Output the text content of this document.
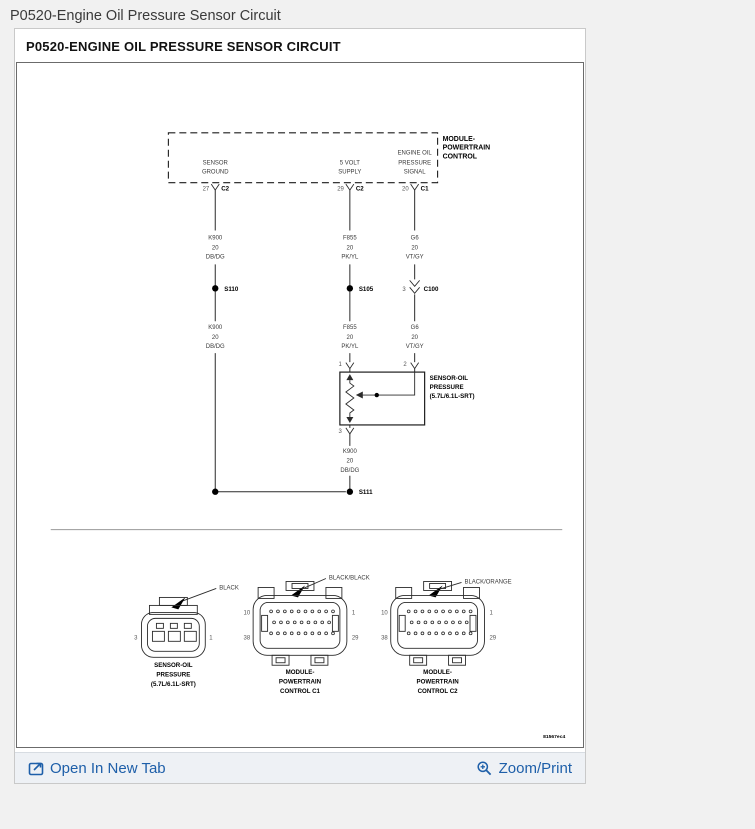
P0520-Engine Oil Pressure Sensor Circuit
P0520-ENGINE OIL PRESSURE SENSOR CIRCUIT
MODULE-
POWERTRAIN
CONTROL
SENSOR
GROUND
5 VOLT
SUPPLY
ENGINE OIL
PRESSURE
SIGNAL
27 C2	29 C2	20 C1
K900
20
DB/DG
F855
20
PK/YL
G6
20
VT/GY
S110	S105	3	C100
K900
20
DB/DG
F855
20
PK/YL
G6
20
VT/GY
1	2
3
SENSOR-OIL
PRESSURE
(5.7L/6.1L-SRT)
K900
20
DB/DG
S111
BLACK
3	1
SENSOR-OIL
PRESSURE
(5.7L/6.1L-SRT)
BLACK/BLACK
10	1
38	29
MODULE-
POWERTRAIN
CONTROL C1
BLACK/ORANGE
10	1
38	29
MODULE-
POWERTRAIN
CONTROL C2
81567ec4
Open In New Tab	Zoom/Print
